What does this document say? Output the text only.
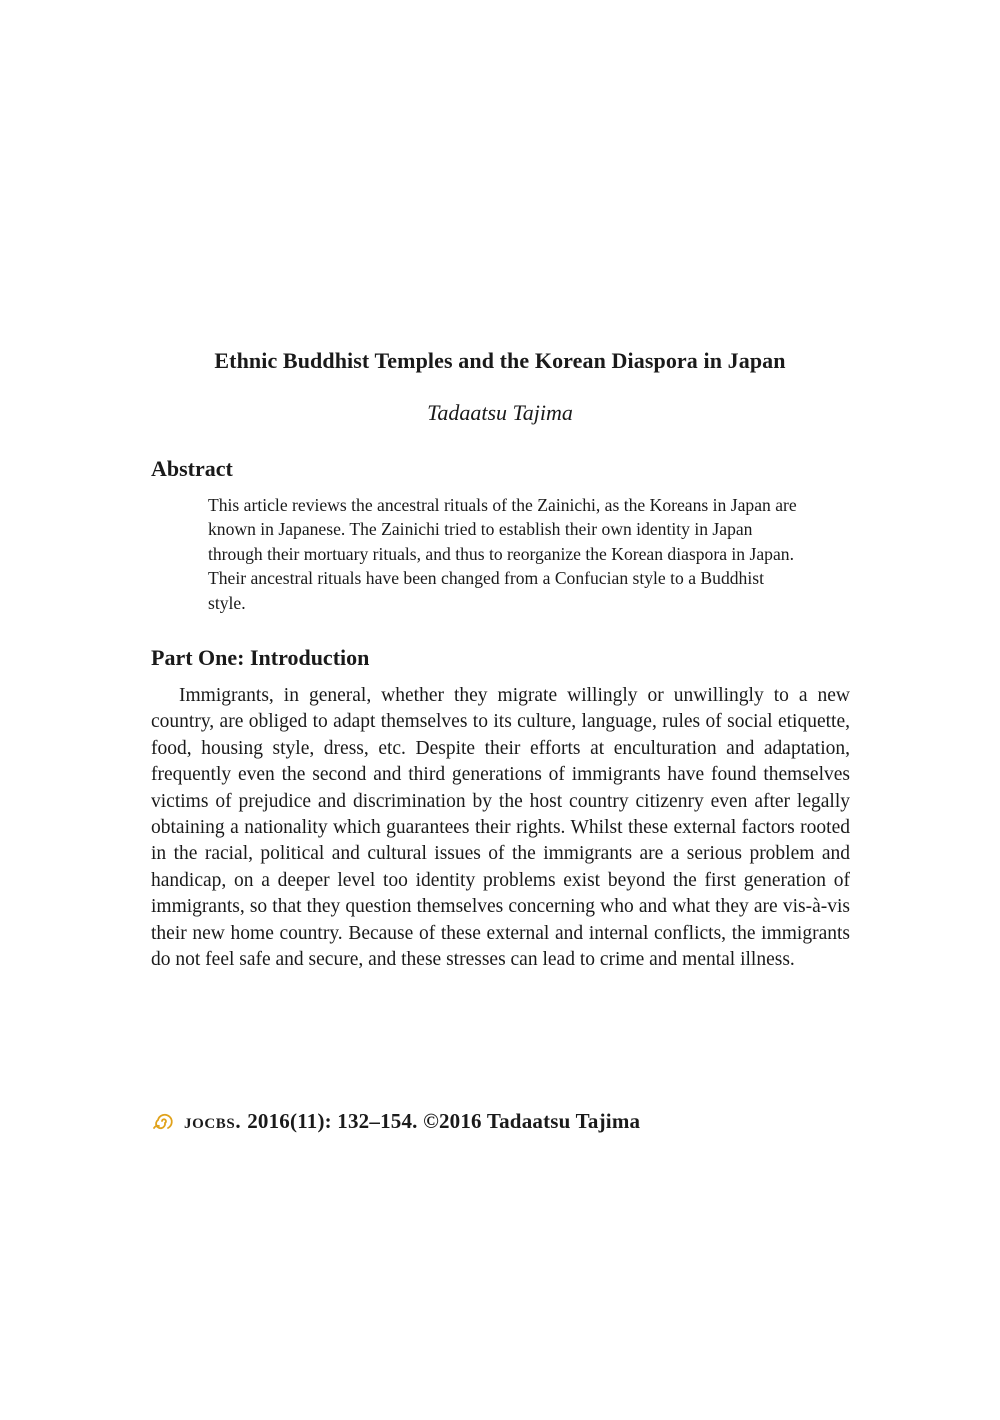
Ethnic Buddhist Temples and the Korean Diaspora in Japan

Tadaatsu Tajima

Abstract

This article reviews the ancestral rituals of the Zainichi, as the Koreans in Japan are known in Japanese. The Zainichi tried to establish their own identity in Japan through their mortuary rituals, and thus to reorganize the Korean diaspora in Japan. Their ancestral rituals have been changed from a Confucian style to a Buddhist style.

Part One: Introduction

Immigrants, in general, whether they migrate willingly or unwillingly to a new country, are obliged to adapt themselves to its culture, language, rules of social etiquette, food, housing style, dress, etc. Despite their efforts at enculturation and adaptation, frequently even the second and third generations of immigrants have found themselves victims of prejudice and discrimination by the host country citizenry even after legally obtaining a nationality which guarantees their rights. Whilst these external factors rooted in the racial, political and cultural issues of the immigrants are a serious problem and handicap, on a deeper level too identity problems exist beyond the first generation of immigrants, so that they question themselves concerning who and what they are vis-à-vis their new home country. Because of these external and internal conflicts, the immigrants do not feel safe and secure, and these stresses can lead to crime and mental illness.

jocbs. 2016(11): 132–154. ©2016 Tadaatsu Tajima
